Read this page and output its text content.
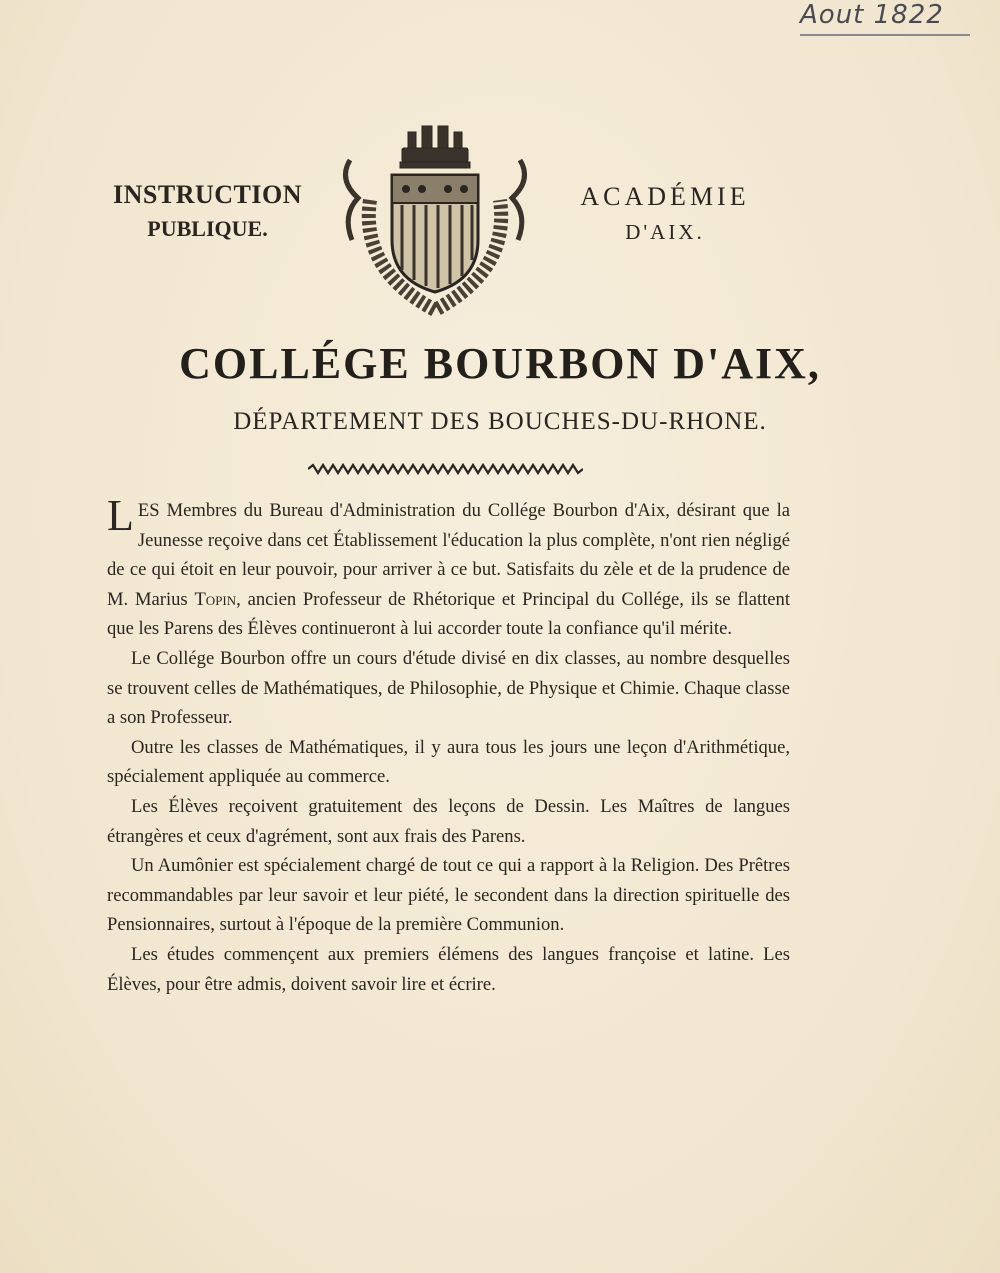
Aout 1822
INSTRUCTION
PUBLIQUE.
ACADÉMIE
D'AIX.
COLLÉGE BOURBON D'AIX,
DÉPARTEMENT DES BOUCHES-DU-RHONE.

LES Membres du Bureau d'Administration du Collége Bourbon d'Aix, désirant que la Jeunesse reçoive dans cet Établissement l'éducation la plus complète, n'ont rien négligé de ce qui étoit en leur pouvoir, pour arriver à ce but. Satisfaits du zèle et de la prudence de M. Marius Topin, ancien Professeur de Rhétorique et Principal du Collége, ils se flattent que les Parens des Élèves continueront à lui accorder toute la confiance qu'il mérite.

Le Collége Bourbon offre un cours d'étude divisé en dix classes, au nombre desquelles se trouvent celles de Mathématiques, de Philosophie, de Physique et Chimie. Chaque classe a son Professeur.

Outre les classes de Mathématiques, il y aura tous les jours une leçon d'Arithmétique, spécialement appliquée au commerce.

Les Élèves reçoivent gratuitement des leçons de Dessin. Les Maîtres de langues étrangères et ceux d'agrément, sont aux frais des Parens.

Un Aumônier est spécialement chargé de tout ce qui a rapport à la Religion. Des Prêtres recommandables par leur savoir et leur piété, le secondent dans la direction spirituelle des Pensionnaires, surtout à l'époque de la première Communion.

Les études commençent aux premiers élémens des langues françoise et latine. Les Élèves, pour être admis, doivent savoir lire et écrire.
